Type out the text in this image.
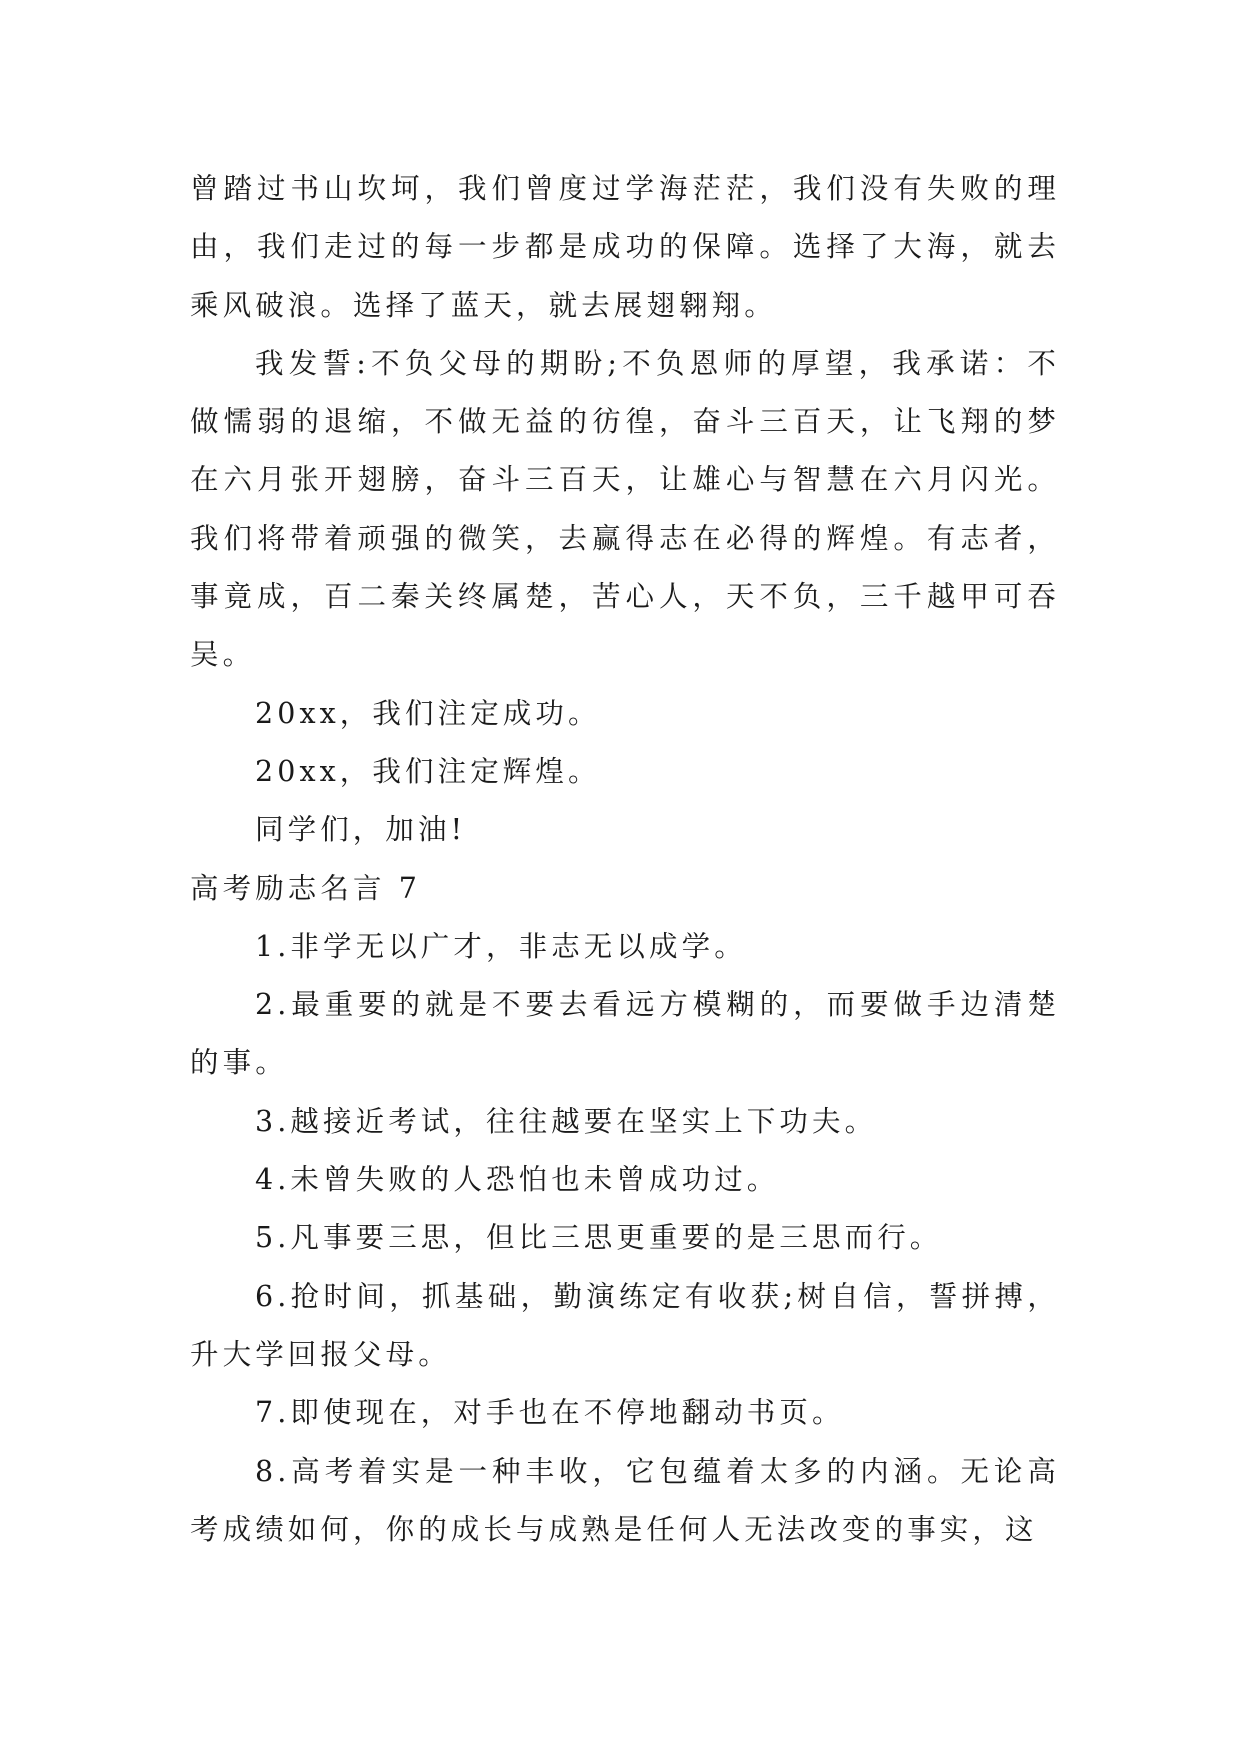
曾踏过书山坎坷，我们曾度过学海茫茫，我们没有失败的理由，我们走过的每一步都是成功的保障。选择了大海，就去乘风破浪。选择了蓝天，就去展翅翱翔。

我发誓:不负父母的期盼;不负恩师的厚望，我承诺：不做懦弱的退缩，不做无益的彷徨，奋斗三百天，让飞翔的梦在六月张开翅膀，奋斗三百天，让雄心与智慧在六月闪光。我们将带着顽强的微笑，去赢得志在必得的辉煌。有志者，事竟成，百二秦关终属楚，苦心人，天不负，三千越甲可吞吴。

20xx，我们注定成功。

20xx，我们注定辉煌。

同学们，加油!

高考励志名言 7

1.非学无以广才，非志无以成学。

2.最重要的就是不要去看远方模糊的，而要做手边清楚的事。

3.越接近考试，往往越要在坚实上下功夫。

4.未曾失败的人恐怕也未曾成功过。

5.凡事要三思，但比三思更重要的是三思而行。

6.抢时间，抓基础，勤演练定有收获;树自信，誓拼搏，升大学回报父母。

7.即使现在，对手也在不停地翻动书页。

8.高考着实是一种丰收，它包蕴着太多的内涵。无论高考成绩如何，你的成长与成熟是任何人无法改变的事实，这
